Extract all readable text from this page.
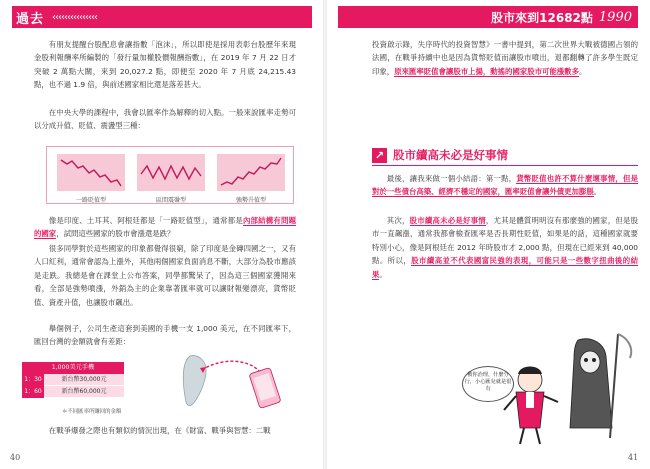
過去 ‹‹‹‹‹‹‹‹‹‹‹‹‹‹‹	股市來到12682點 1990

有朋友提醒台股配息會讓指數「泡沫」，所以即使是採用表彰台股歷年來現金股利報酬率所編製的「發行量加權股價報酬指數」，在 2019 年 7 月 22 日才突破 2 萬點大關，來到 20,027.2 點，即便至 2020 年 7 月底 24,215.43 點，也不過 1.9 倍，與前述國家相比還是落差甚大。

在中央大學的課程中，我會以匯率作為解釋的切入點。一般來說匯率走勢可以分成升值、貶值、震盪型三種：

一路貶值型	區間震盪型	強勢升值型

像是印度、土耳其、阿根廷都是「一路貶值型」，通常都是內部結構有問題的國家，試問這些國家的股市會漲還是跌？

很多同學對於這些國家的印象都覺得很窮，除了印度是金磚四國之一，又有人口紅利，通常會認為上漲外，其他兩個國家負面消息不斷，大部分為股市應該是走跌。我總是會在課堂上公布答案，同學都驚呆了，因為這三個國家獲開來看，全部是強勢噴漲，外銷為主的企業靠著匯率就可以讓財報變漂亮，貨幣貶值、資產升值，也讓股市飆出。

舉個例子，公司生產這套到美國的手機一支 1,000 美元，在不同匯率下，匯回台灣的金額就會有差距：

1,000美元手機
1：30	新台幣30,000元
1：60	新台幣60,000元
＊不同匯率所賺回的金額

在戰爭爆發之際也有類似的情況出現，在《財富、戰爭與智慧：二戰

投資啟示錄，失序時代的投資智慧》一書中提到，第二次世界大戰被德國占領的法國，在戰爭持續中也是因為貨幣貶值而讓股市噴出，退都翻轉了許多學生既定印象，原來匯率貶值會讓股市上揚，動搖的國家股市可能漲數多。

↗ 股市續高未必是好事情

最後，讓我來做一個小結語：第一點，貨幣貶值也許不算什麼壞事情，但是對於一些債台高築、經濟不穩定的國家，匯率貶值會讓外債更加膨脹。

其次，股市續高未必是好事情，尤其是體質明明沒有那麼強的國家，但是股市一直飆漲，通常我都會檢查匯率是否長期性貶值，如果是的話，這種國家就要特別小心，像是阿根廷在 2012 年時股市才 2,000 點，但現在已經來到 40,000 點。所以，股市續高並不代表國富民強的表現，可能只是一些數字扭曲後的結果。

被你治理，什麼分行，小心匯兌就是很有
40	41
